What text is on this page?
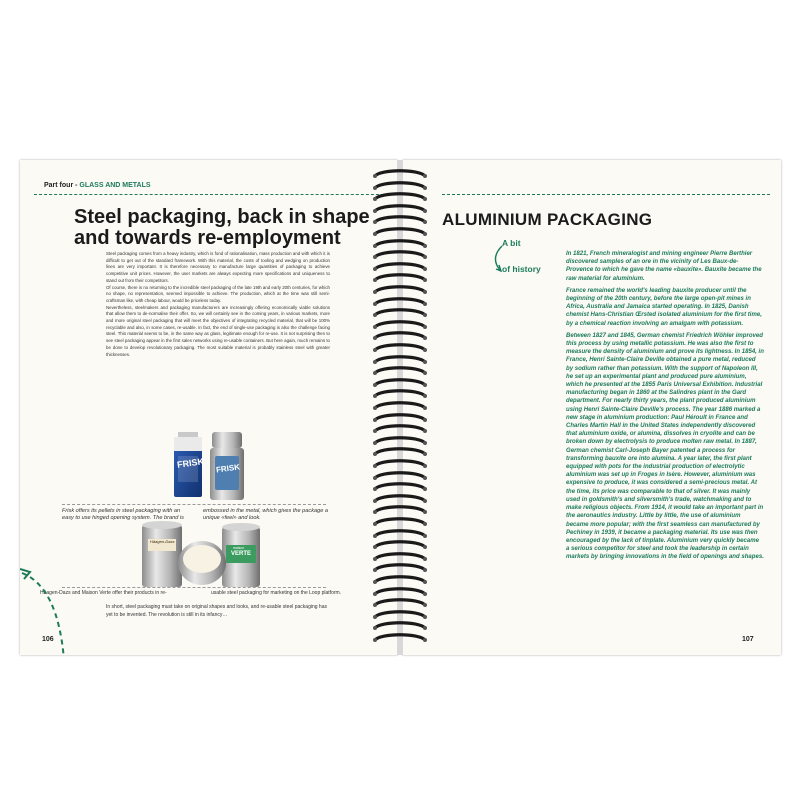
Part four - GLASS AND METALS
Steel packaging, back in shape and towards re-employment

Steel packaging comes from a heavy industry, which is fond of rationalisation, mass production and with which it is difficult to get out of the standard framework. With this material, the costs of tooling and wedging on production lines are very important. It is therefore necessary to manufacture large quantities of packaging to achieve competitive unit prices. However, the user markets are always expecting more specifications and uniqueness to stand out from their competitors.

Of course, there is no returning to the incredible steel packaging of the late 19th and early 20th centuries, for which no shape, no representation, seemed impossible to achieve. The production, which at the time was still semi-craftsman like, with cheap labour, would be priceless today.

Nevertheless, steelmakers and packaging manufacturers are increasingly offering economically viable solutions that allow them to de-normalise their offer. So, we will certainly see in the coming years, in various markets, more and more original steel packaging that will meet the objectives of integrating recycled material, that will be 100% recyclable and also, in some cases, re-usable. In fact, the end of single-use packaging is also the challenge facing steel. This material seems to be, in the same way as glass, legitimate enough for re-use. It is not surprising then to see steel packaging appear in the first sales networks using re-usable containers. But here again, much remains to be done to develop revolutionary packaging. The most suitable material is probably stainless steel with greater thicknesses.

FRISK FRISK
Frisk offers its pellets in steel packaging with an easy to use hinged opening system. The brand is
embossed in the metal, which gives the package a unique «feel» and look.
Häagen-Dazs
maison
VERTE
Häagen-Dazs and Maison Verte offer their products in re-	usable steel packaging for marketing on the Loop platform.
In short, steel packaging must take on original shapes and looks, and re-usable steel packaging has yet to be invented. The revolution is still in its infancy…
106
ALUMINIUM PACKAGING
A bit
of history

In 1821, French mineralogist and mining engineer Pierre Berthier discovered samples of an ore in the vicinity of Les Baux-de-Provence to which he gave the name «bauxite». Bauxite became the raw material for aluminium.

France remained the world's leading bauxite producer until the beginning of the 20th century, before the large open-pit mines in Africa, Australia and Jamaica started operating. In 1825, Danish chemist Hans-Christian Œrsted isolated aluminium for the first time, by a chemical reaction involving an amalgam with potassium.

Between 1827 and 1845, German chemist Friedrich Wöhler improved this process by using metallic potassium. He was also the first to measure the density of aluminium and prove its lightness. In 1854, in France, Henri Sainte-Claire Deville obtained a pure metal, reduced by sodium rather than potassium. With the support of Napoleon III, he set up an experimental plant and produced pure aluminium, which he presented at the 1855 Paris Universal Exhibition. Industrial manufacturing began in 1860 at the Salindres plant in the Gard department. For nearly thirty years, the plant produced aluminium using Henri Sainte-Claire Deville's process. The year 1886 marked a new stage in aluminium production: Paul Héroult in France and Charles Martin Hall in the United States independently discovered that aluminium oxide, or alumina, dissolves in cryolite and can be broken down by electrolysis to produce molten raw metal. In 1887, German chemist Carl-Joseph Bayer patented a process for transforming bauxite ore into alumina. A year later, the first plant equipped with pots for the industrial production of electrolytic aluminium was set up in Froges in Isère. However, aluminium was expensive to produce, it was considered a semi-precious metal. At the time, its price was comparable to that of silver. It was mainly used in goldsmith's and silversmith's trade, watchmaking and to make religious objects. From 1914, it would take an important part in the aeronautics industry. Little by little, the use of aluminium became more popular; with the first seamless can manufactured by Pechiney in 1939, it became a packaging material. Its use was then encouraged by the lack of tinplate. Aluminium very quickly became a serious competitor for steel and took the leadership in certain markets by bringing innovations in the field of openings and shapes.

107
